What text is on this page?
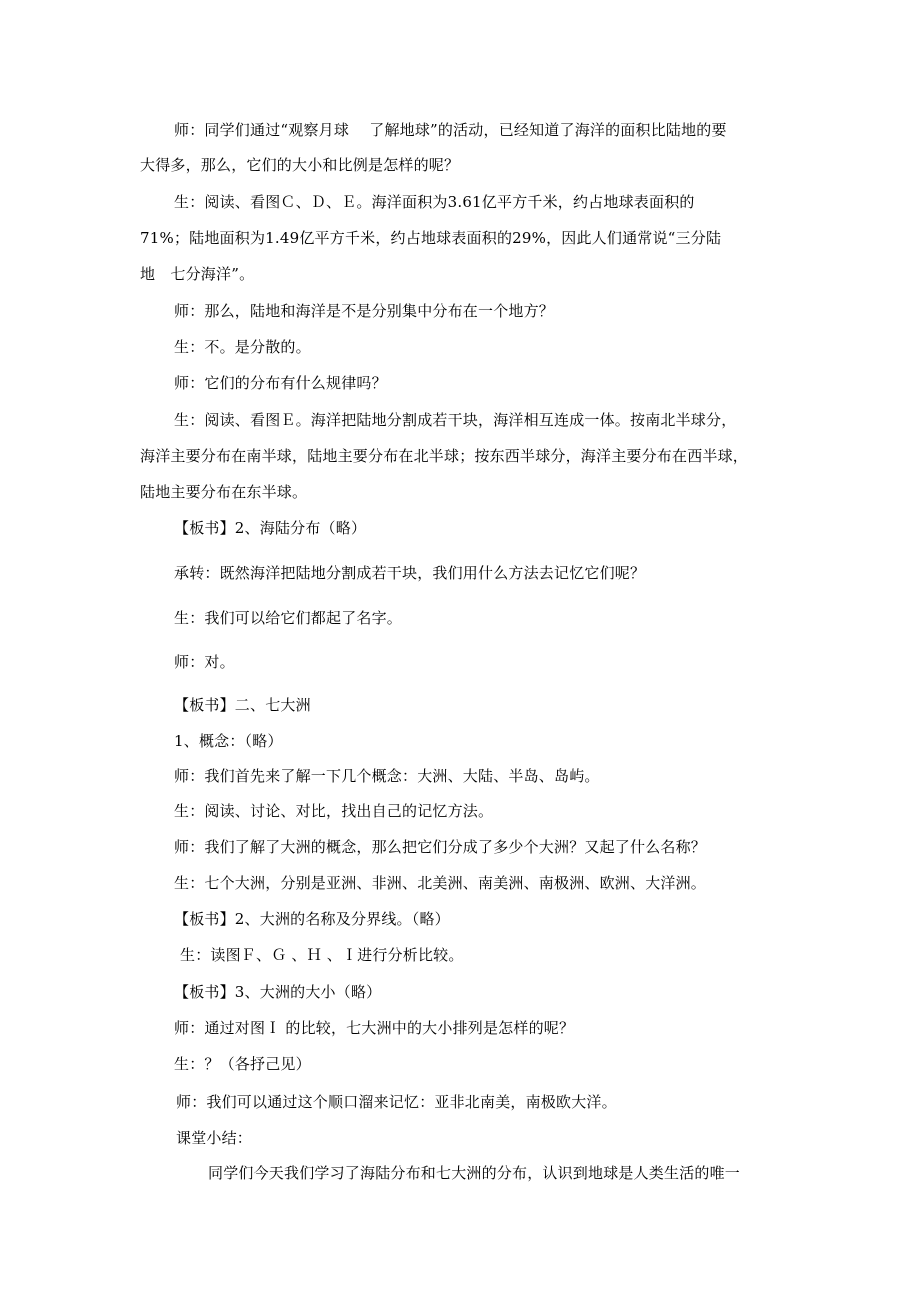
师：同学们通过“观察月球　 了解地球”的活动，已经知道了海洋的面积比陆地的要

大得多，那么，它们的大小和比例是怎样的呢？

生：阅读、看图Ｃ、Ｄ、Ｅ。海洋面积为3.61亿平方千米，约占地球表面积的

71%；陆地面积为1.49亿平方千米，约占地球表面积的29%，因此人们通常说“三分陆

地　七分海洋”。

师：那么，陆地和海洋是不是分别集中分布在一个地方？

生：不。是分散的。

师：它们的分布有什么规律吗？

生：阅读、看图Ｅ。海洋把陆地分割成若干块，海洋相互连成一体。按南北半球分，

海洋主要分布在南半球，陆地主要分布在北半球；按东西半球分，海洋主要分布在西半球，

陆地主要分布在东半球。

【板书】2、海陆分布（略）

承转：既然海洋把陆地分割成若干块，我们用什么方法去记忆它们呢？

生：我们可以给它们都起了名字。

师：对。

【板书】二、七大洲

1、概念：（略）

师：我们首先来了解一下几个概念：大洲、大陆、半岛、岛屿。

生：阅读、讨论、对比，找出自己的记忆方法。

师：我们了解了大洲的概念，那么把它们分成了多少个大洲？又起了什么名称？

生：七个大洲，分别是亚洲、非洲、北美洲、南美洲、南极洲、欧洲、大洋洲。

【板书】2、大洲的名称及分界线。（略）

生：读图Ｆ、Ｇ 、Ｈ 、Ｉ进行分析比较。

【板书】3、大洲的大小（略）

师：通过对图Ｉ 的比较，七大洲中的大小排列是怎样的呢？

生：？（各抒己见）

师：我们可以通过这个顺口溜来记忆：亚非北南美，南极欧大洋。

课堂小结：

同学们今天我们学习了海陆分布和七大洲的分布，认识到地球是人类生活的唯一
